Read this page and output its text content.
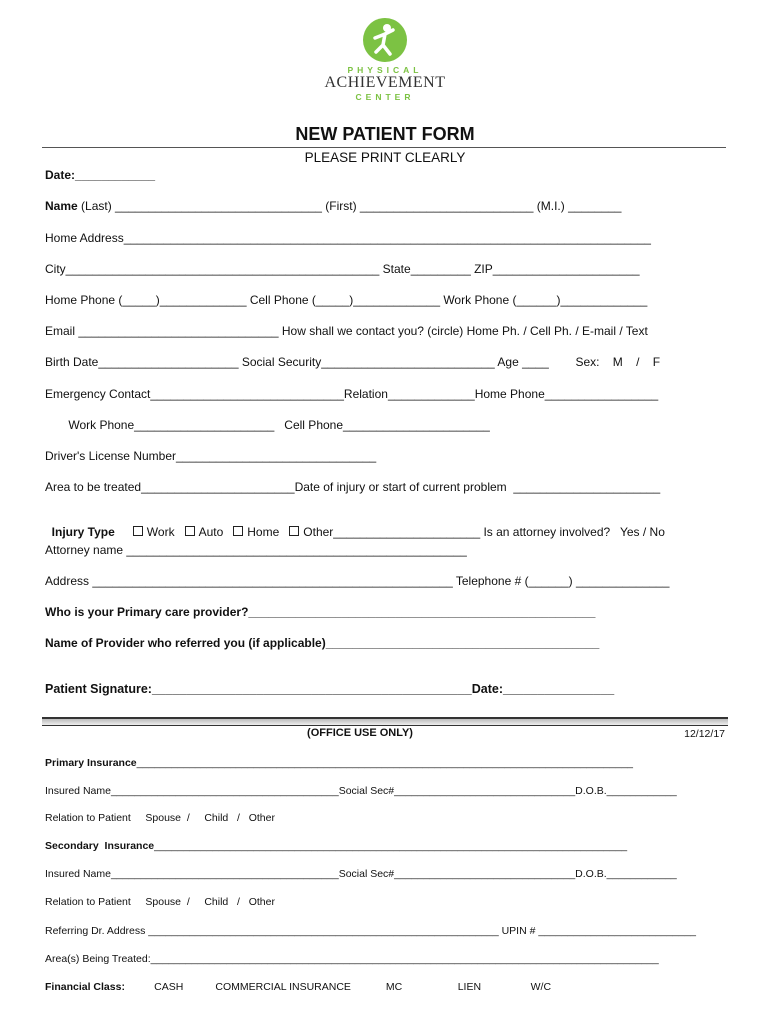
PHYSICAL
ACHIEVEMENT
CENTER
NEW PATIENT FORM
PLEASE PRINT CLEARLY
Date:____________
Name (Last) _______________________________ (First) __________________________ (M.I.) ________
Home Address_______________________________________________________________________________
City_______________________________________________ State_________ ZIP______________________
Home Phone (_____)_____________ Cell Phone (_____)_____________ Work Phone (______)_____________
Email ______________________________ How shall we contact you? (circle) Home Ph. / Cell Ph. / E-mail / Text
Birth Date_____________________ Social Security__________________________ Age ____        Sex:    M    /    F
Emergency Contact_____________________________Relation_____________Home Phone_________________
Work Phone_____________________   Cell Phone______________________
Driver's License Number______________________________
Area to be treated_______________________Date of injury or start of current problem  ______________________

Injury Type	Work Auto Home Other______________________ Is an attorney involved?   Yes / No

Attorney name ___________________________________________________
Address ______________________________________________________ Telephone # (______) ______________
Who is your Primary care provider?____________________________________________________
Name of Provider who referred you (if applicable)_________________________________________
Patient Signature:______________________________________________Date:________________
(OFFICE USE ONLY)	12/12/17
Primary Insurance_____________________________________________________________________________________
Insured Name_______________________________________Social Sec#_______________________________D.O.B.____________
Relation to Patient     Spouse  /     Child   /   Other
Secondary  Insurance_________________________________________________________________________________
Insured Name_______________________________________Social Sec#_______________________________D.O.B.____________
Relation to Patient     Spouse  /     Child   /   Other
Referring Dr. Address ____________________________________________________________ UPIN # ___________________________
Area(s) Being Treated:_______________________________________________________________________________________
Financial Class:          CASH           COMMERCIAL INSURANCE            MC                   LIEN                 W/C
